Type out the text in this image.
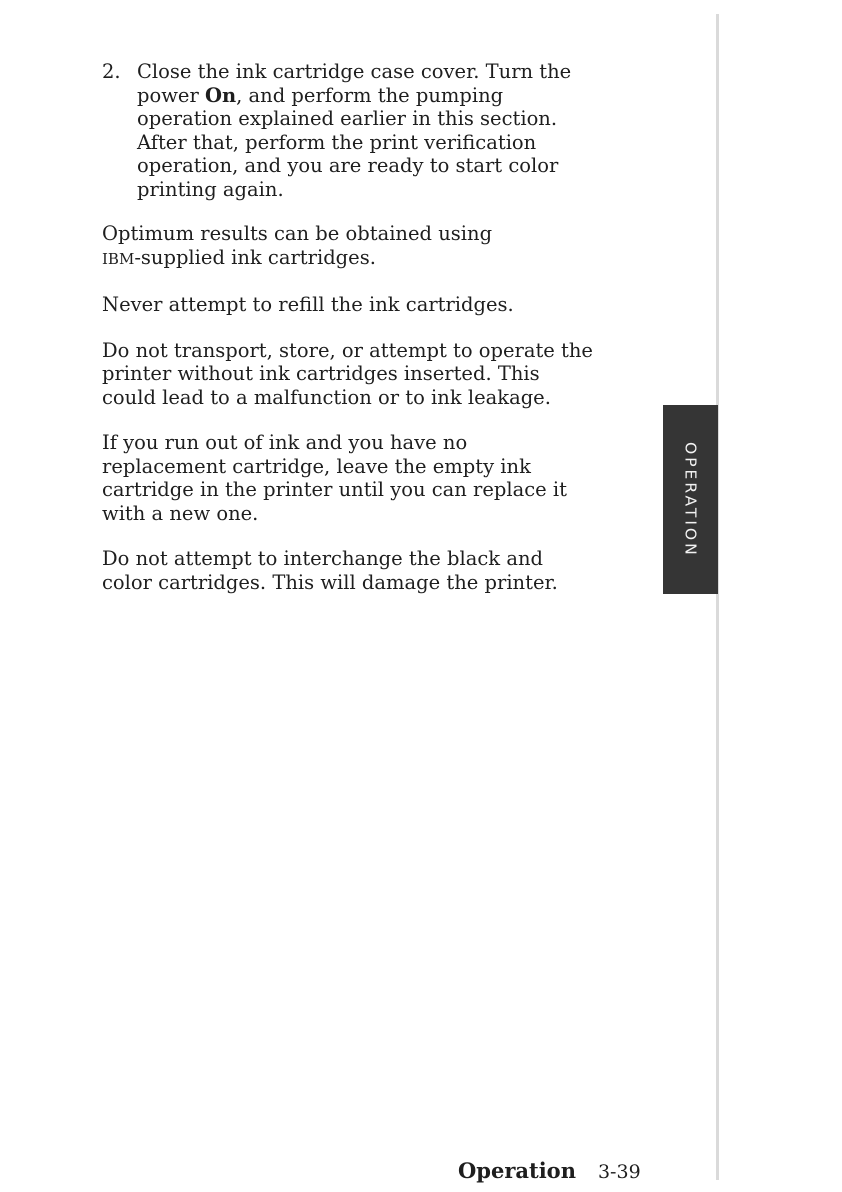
2. Close the ink cartridge case cover. Turn the
power On, and perform the pumping
operation explained earlier in this section.
After that, perform the print verification
operation, and you are ready to start color
printing again.
Optimum results can be obtained using
IBM-supplied ink cartridges.
Never attempt to refill the ink cartridges.
Do not transport, store, or attempt to operate the
printer without ink cartridges inserted. This
could lead to a malfunction or to ink leakage.
If you run out of ink and you have no
replacement cartridge, leave the empty ink
cartridge in the printer until you can replace it
with a new one.
Do not attempt to interchange the black and
color cartridges. This will damage the printer.
OPERATION
Operation 3-39
